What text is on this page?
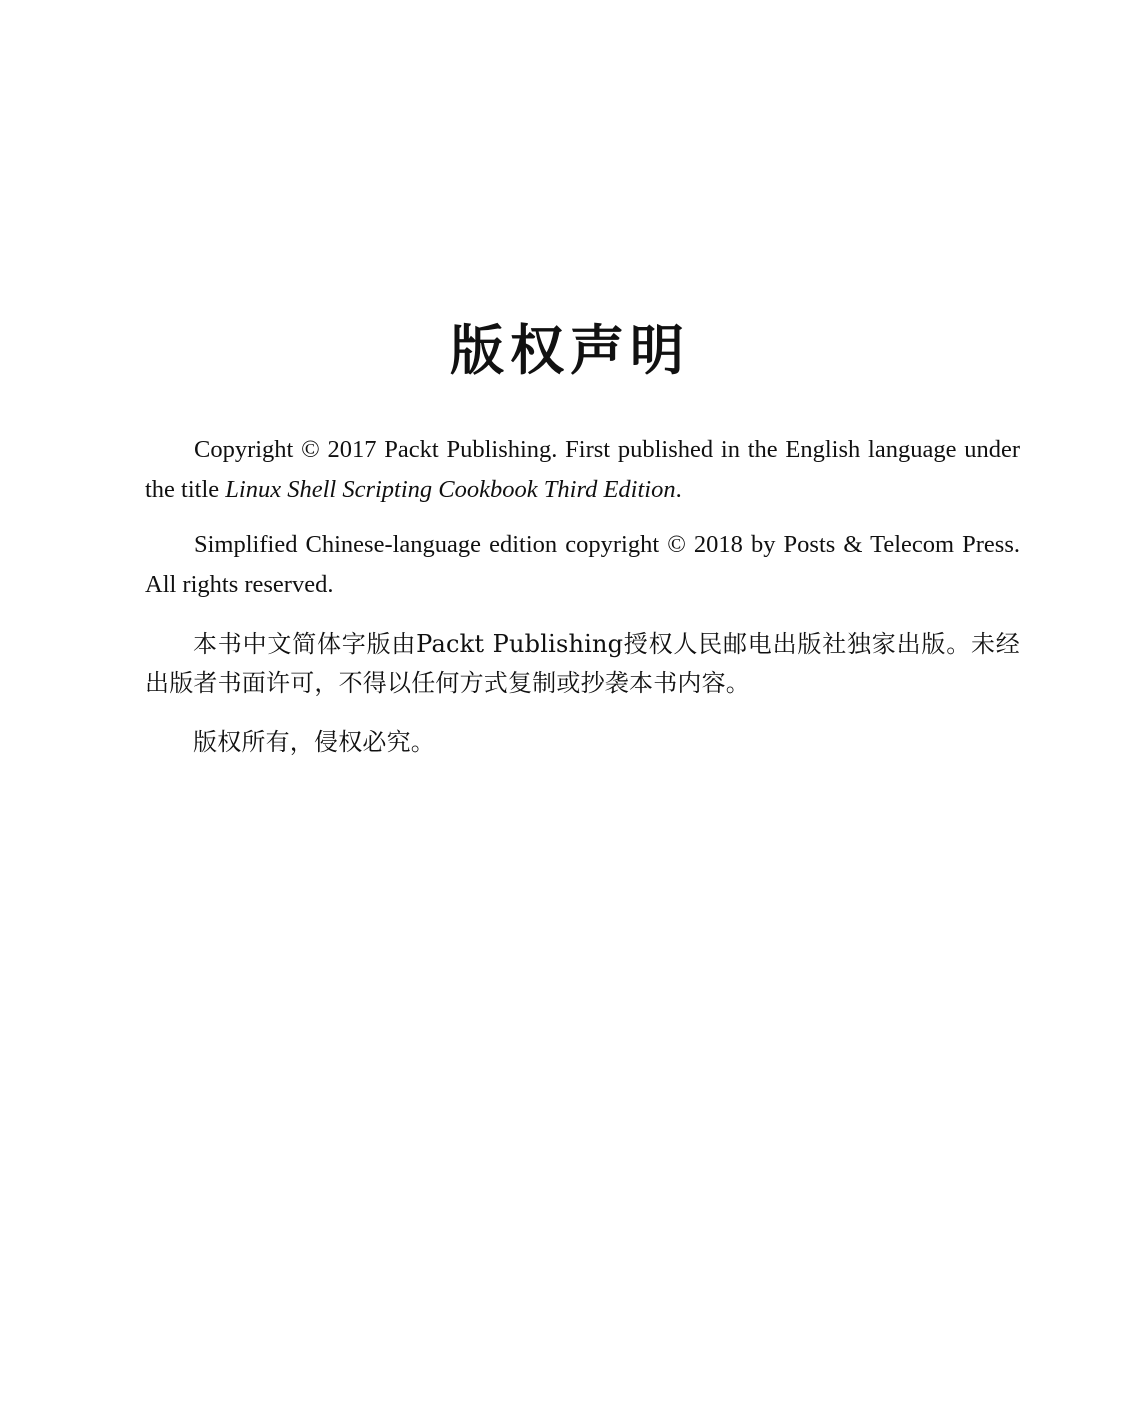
版权声明

Copyright © 2017 Packt Publishing. First published in the English language under the title Linux Shell Scripting Cookbook Third Edition.

Simplified Chinese-language edition copyright © 2018 by Posts & Telecom Press. All rights reserved.

本书中文简体字版由Packt Publishing授权人民邮电出版社独家出版。未经出版者书面许可，不得以任何方式复制或抄袭本书内容。

版权所有，侵权必究。
